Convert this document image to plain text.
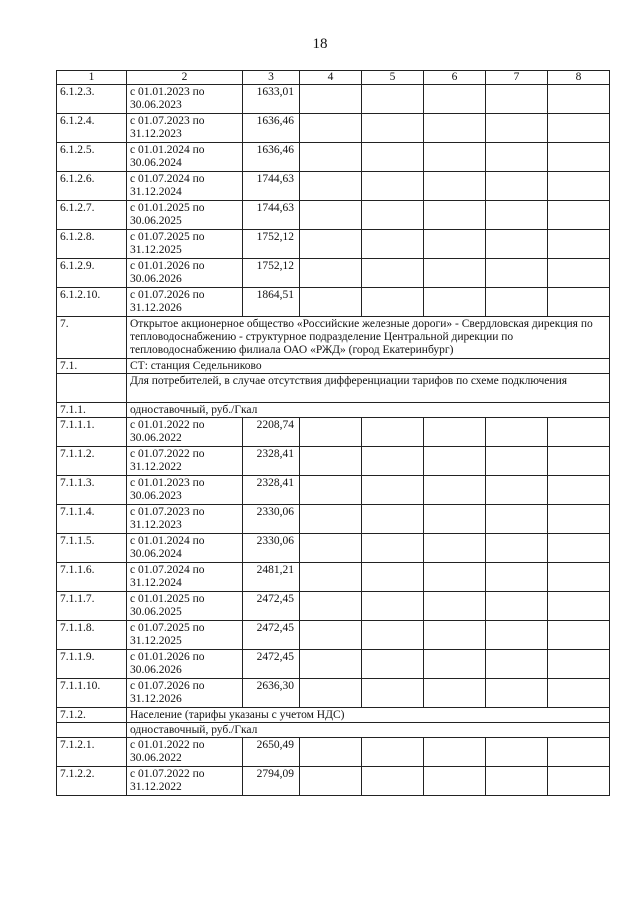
18
1	2	3	4	5	6	7	8
6.1.2.3.	с 01.01.2023 по 30.06.2023	1633,01					
6.1.2.4.	с 01.07.2023 по 31.12.2023	1636,46					
6.1.2.5.	с 01.01.2024 по 30.06.2024	1636,46					
6.1.2.6.	с 01.07.2024 по 31.12.2024	1744,63					
6.1.2.7.	с 01.01.2025 по 30.06.2025	1744,63					
6.1.2.8.	с 01.07.2025 по 31.12.2025	1752,12					
6.1.2.9.	с 01.01.2026 по 30.06.2026	1752,12					
6.1.2.10.	с 01.07.2026 по 31.12.2026	1864,51					
7.	Открытое акционерное общество «Российские железные дороги» - Свердловская дирекция по тепловодоснабжению - структурное подразделение Центральной дирекции по тепловодоснабжению филиала ОАО «РЖД» (город Екатеринбург)						
7.1.	СТ: станция Седельниково						
	Для потребителей, в случае отсутствия дифференциации тарифов по схеме подключения						
7.1.1.	одноставочный, руб./Гкал						
7.1.1.1.	с 01.01.2022 по 30.06.2022	2208,74					
7.1.1.2.	с 01.07.2022 по 31.12.2022	2328,41					
7.1.1.3.	с 01.01.2023 по 30.06.2023	2328,41					
7.1.1.4.	с 01.07.2023 по 31.12.2023	2330,06					
7.1.1.5.	с 01.01.2024 по 30.06.2024	2330,06					
7.1.1.6.	с 01.07.2024 по 31.12.2024	2481,21					
7.1.1.7.	с 01.01.2025 по 30.06.2025	2472,45					
7.1.1.8.	с 01.07.2025 по 31.12.2025	2472,45					
7.1.1.9.	с 01.01.2026 по 30.06.2026	2472,45					
7.1.1.10.	с 01.07.2026 по 31.12.2026	2636,30					
7.1.2.	Население (тарифы указаны с учетом НДС)						
	одноставочный, руб./Гкал						
7.1.2.1.	с 01.01.2022 по 30.06.2022	2650,49					
7.1.2.2.	с 01.07.2022 по 31.12.2022	2794,09					
